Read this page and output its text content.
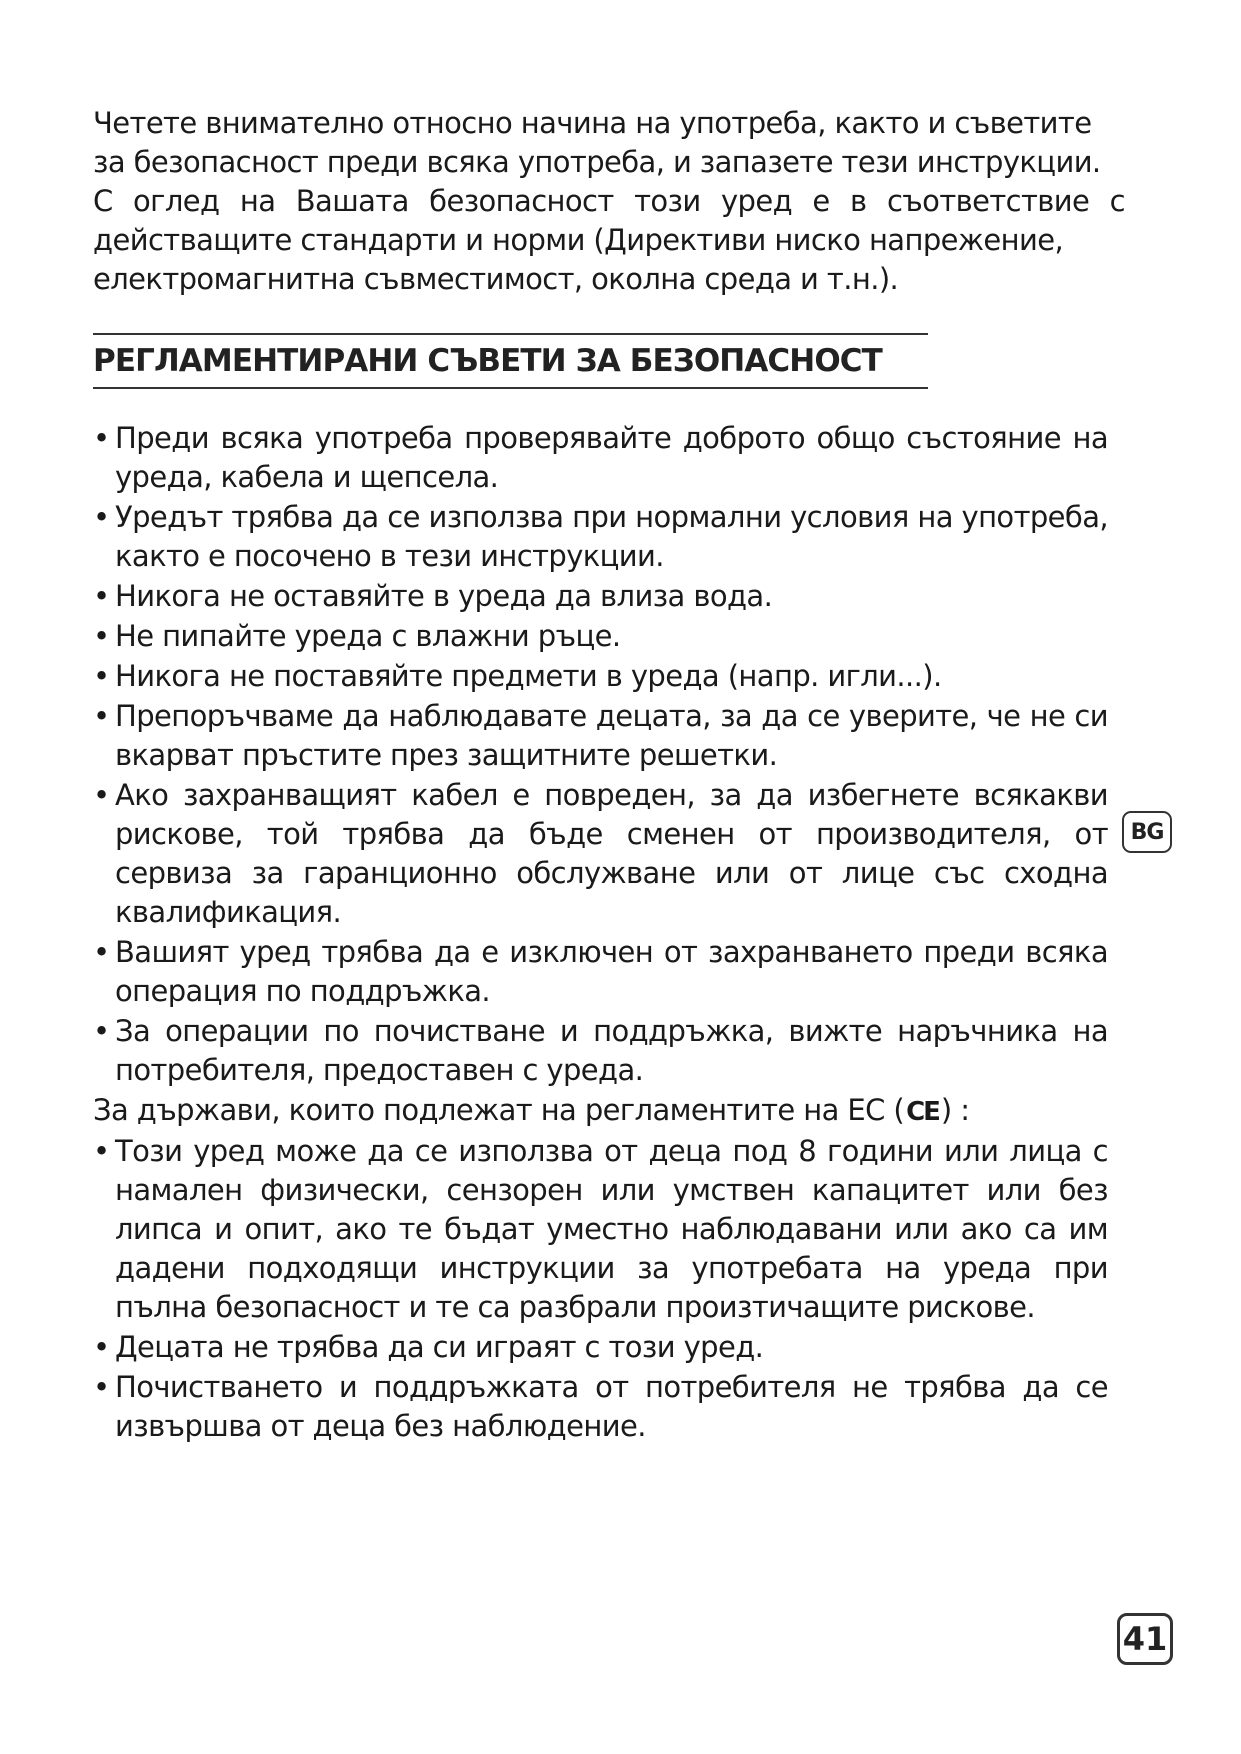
Четете внимателно относно начина на употреба, както и съветите

за безопасност преди всяка употреба, и запазете тези инструкции.

С оглед на Вашата безопасност този уред е в съответствие с

действащите стандарти и норми (Директиви ниско напрежение,

електромагнитна съвместимост, околна среда и т.н.).

РЕГЛАМЕНТИРАНИ СЪВЕТИ ЗА БЕЗОПАСНОСТ
• Преди всяка употреба проверявайте доброто общо състояние на уреда, кабела и щепсела.
• Уредът трябва да се използва при нормални условия на употреба, както е посочено в тези инструкции.
• Никога не оставяйте в уреда да влиза вода.
• Не пипайте уреда с влажни ръце.
• Никога не поставяйте предмети в уреда (напр. игли...).
• Препоръчваме да наблюдавате децата, за да се уверите, че не си вкарват пръстите през защитните решетки.
• Ако захранващият кабел е повреден, за да избегнете всякакви рискове, той трябва да бъде сменен от производителя, от сервиза за гаранционно обслужване или от лице със сходна квалификация.
• Вашият уред трябва да е изключен от захранването преди всяка операция по поддръжка.
• За операции по почистване и поддръжка, вижте наръчника на потребителя, предоставен с уреда.

За държави, които подлежат на регламентите на ЕС (CE) :

• Този уред може да се използва от деца под 8 години или лица с намален физически, сензорен или умствен капацитет или без липса и опит, ако те бъдат уместно наблюдавани или ако са им дадени подходящи инструкции за употребата на уреда при пълна безопасност и те са разбрали произтичащите рискове.
• Децата не трябва да си играят с този уред.
• Почистването и поддръжката от потребителя не трябва да се извършва от деца без наблюдение.
BG
41
